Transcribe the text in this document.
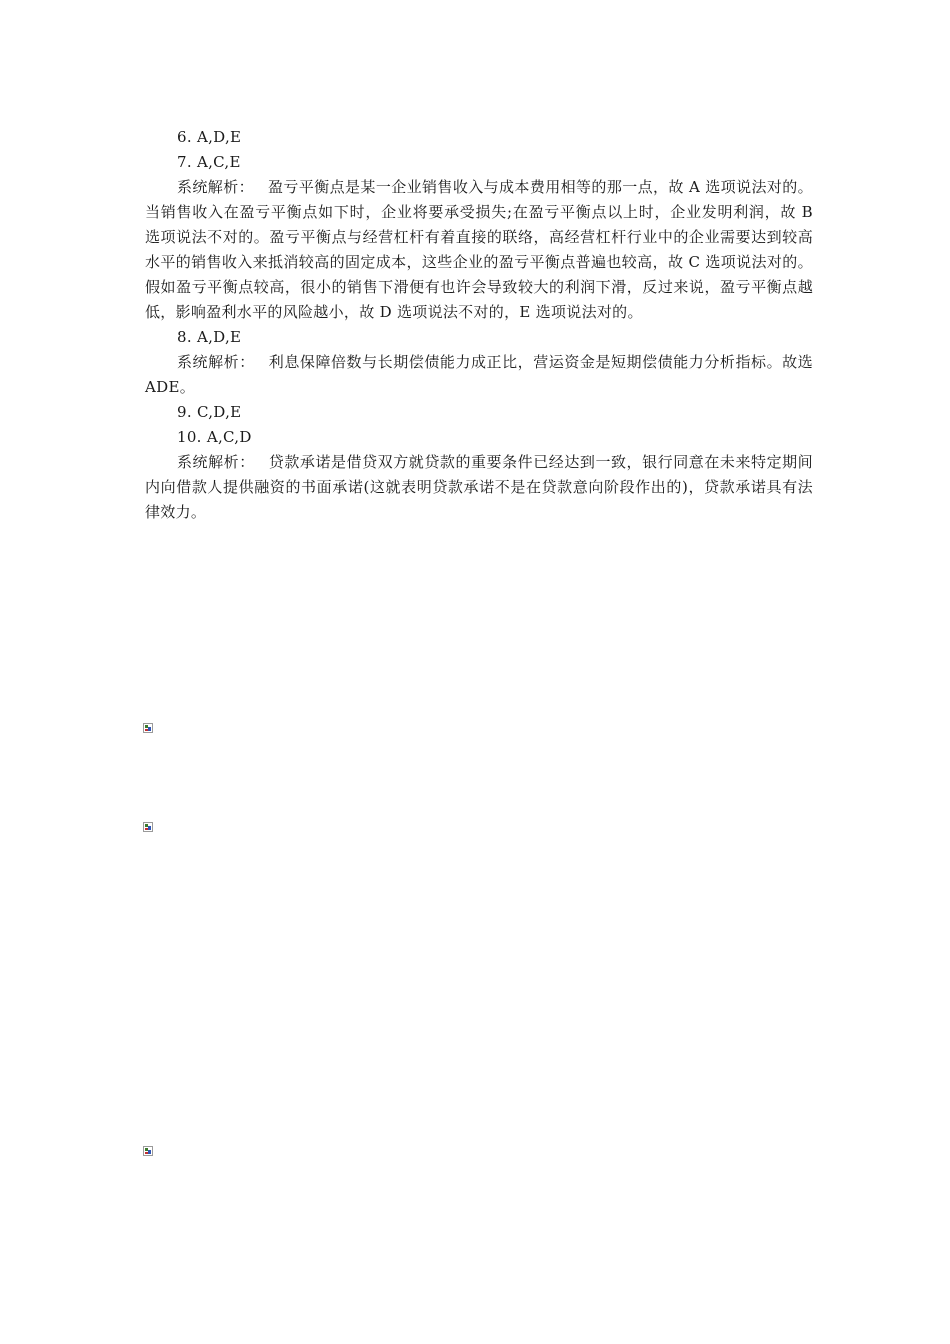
6. A,D,E

7. A,C,E

系统解析： 盈亏平衡点是某一企业销售收入与成本费用相等的那一点，故 A 选项说法对的。当销售收入在盈亏平衡点如下时，企业将要承受损失;在盈亏平衡点以上时，企业发明利润，故 B 选项说法不对的。盈亏平衡点与经营杠杆有着直接的联络，高经营杠杆行业中的企业需要达到较高水平的销售收入来抵消较高的固定成本，这些企业的盈亏平衡点普遍也较高，故 C 选项说法对的。假如盈亏平衡点较高，很小的销售下滑便有也许会导致较大的利润下滑，反过来说，盈亏平衡点越低，影响盈利水平的风险越小，故 D 选项说法不对的，E 选项说法对的。

8. A,D,E

系统解析： 利息保障倍数与长期偿债能力成正比，营运资金是短期偿债能力分析指标。故选 ADE。

9. C,D,E

10. A,C,D

系统解析： 贷款承诺是借贷双方就贷款的重要条件已经达到一致，银行同意在未来特定期间内向借款人提供融资的书面承诺(这就表明贷款承诺不是在贷款意向阶段作出的)，贷款承诺具有法律效力。
